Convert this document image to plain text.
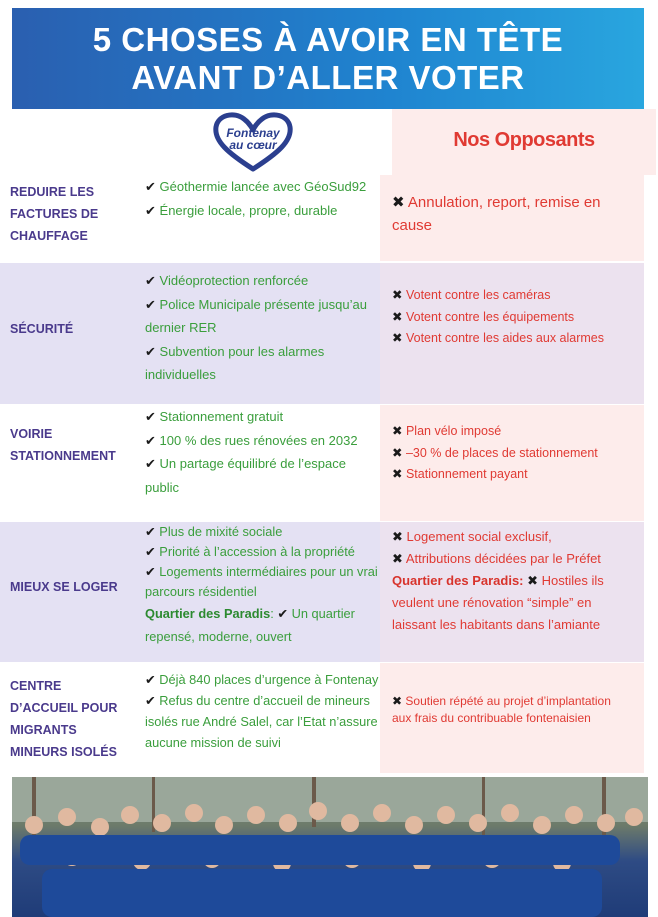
5 CHOSES À AVOIR EN TÊTE
AVANT D’ALLER VOTER
Fontenay
au cœur	Nos Opposants
REDUIRE LES
FACTURES DE
CHAUFFAGE
✔ Géothermie lancée avec GéoSud92
✔ Énergie locale, propre, durable	✖ Annulation, report, remise en cause
SÉCURITÉ
✔ Vidéoprotection renforcée
✔ Police Municipale présente jusqu’au dernier RER
✔ Subvention pour les alarmes individuelles
✖ Votent contre les caméras
✖ Votent contre les équipements
✖ Votent contre les aides aux alarmes
VOIRIE
STATIONNEMENT
✔ Stationnement gratuit
✔ 100 % des rues rénovées en 2032
✔ Un partage équilibré de l’espace public
✖ Plan vélo imposé
✖ –30 % de places de stationnement
✖ Stationnement payant
MIEUX SE LOGER
✔ Plus de mixité sociale
✔ Priorité à l’accession à la propriété
✔ Logements intermédiaires pour un vrai parcours résidentiel
Quartier des Paradis: ✔ Un quartier repensé, moderne, ouvert
✖ Logement social exclusif,
✖ Attributions décidées par le Préfet
Quartier des Paradis: ✖ Hostiles ils veulent une rénovation “simple” en laissant les habitants dans l’amiante
CENTRE
D’ACCUEIL POUR
MIGRANTS
MINEURS ISOLÉS
✔ Déjà 840 places d’urgence à Fontenay
✔ Refus du centre d’accueil de mineurs isolés rue André Salel, car l’Etat n’assure aucune mission de suivi
✖ Soutien répété au projet d’implantation aux frais du contribuable fontenaisien
